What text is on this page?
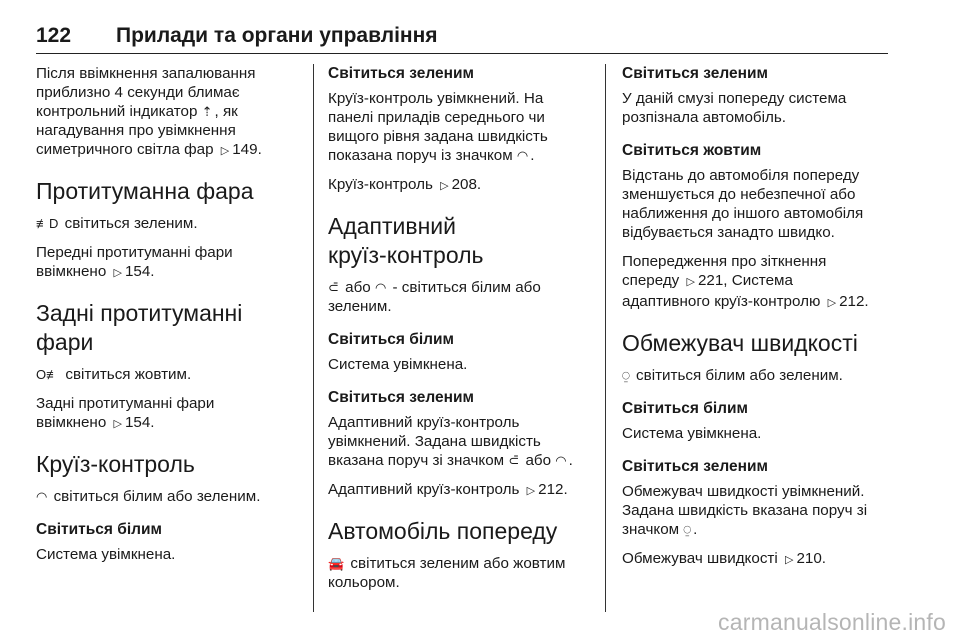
122	Прилади та органи управління

Після ввімкнення запалювання
приблизно 4 секунди блимає
контрольний індикатор ⇡ , як
нагадування про увімкнення
симетричного світла фар ▷ 149.

Протитуманна фара

≢D світиться зеленим.

Передні протитуманні фари
ввімкнено ▷ 154.

Задні протитуманні фари

O≢ світиться жовтим.

Задні протитуманні фари
ввімкнено ▷ 154.

Круїз-контроль

◠ світиться білим або зеленим.

Світиться білим

Система увімкнена.

Світиться зеленим

Круїз-контроль увімкнений. На
панелі приладів середнього чи
вищого рівня задана швидкість
показана поруч із значком ◠ .

Круїз-контроль ▷ 208.

Адаптивний
круїз-контроль

⊂̄ або ◠ - світиться білим або
зеленим.

Світиться білим

Система увімкнена.

Світиться зеленим

Адаптивний круїз-контроль
увімкнений. Задана швидкість
вказана поруч зі значком ⊂̄ або ◠ .

Адаптивний круїз-контроль ▷ 212.

Автомобіль попереду

🚘 світиться зеленим або жовтим
кольором.

Світиться зеленим

У даній смузі попереду система
розпізнала автомобіль.

Світиться жовтим

Відстань до автомобіля попереду
зменшується до небезпечної або
наближення до іншого автомобіля
відбувається занадто швидко.

Попередження про зіткнення
спереду ▷ 221, Система
адаптивного круїз-контролю ▷ 212.

Обмежувач швидкості

⍜ світиться білим або зеленим.

Світиться білим

Система увімкнена.

Світиться зеленим

Обмежувач швидкості увімкнений.
Задана швидкість вказана поруч зі
значком ⍜ .

Обмежувач швидкості ▷ 210.

carmanualsonline.info
